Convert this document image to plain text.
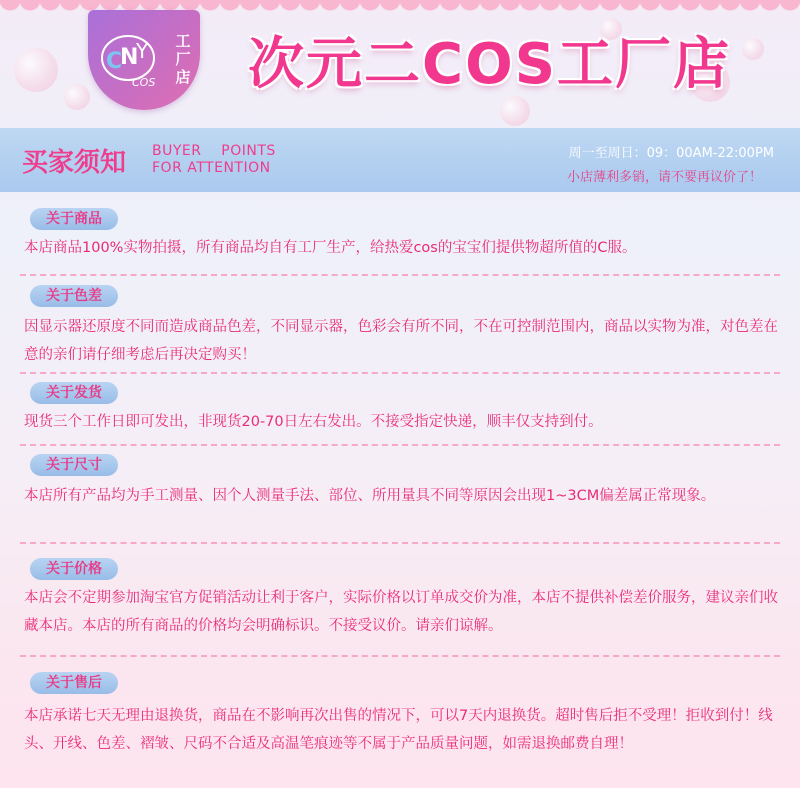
C
N
Y
COS
工厂店 次元二COS工厂店
买家须知 BUYER    POINTS
FOR ATTENTION
周一至周日：09：00AM-22:00PM
小店薄利多销，请不要再议价了！
关于商品
本店商品100%实物拍摄，所有商品均自有工厂生产，给热爱cos的宝宝们提供物超所值的C服。
关于色差
因显示器还原度不同而造成商品色差，不同显示器，色彩会有所不同，不在可控制范围内，商品以实物为准，对色差在意的亲们请仔细考虑后再决定购买！
关于发货
现货三个工作日即可发出，非现货20-70日左右发出。不接受指定快递，顺丰仅支持到付。
关于尺寸
本店所有产品均为手工测量、因个人测量手法、部位、所用量具不同等原因会出现1~3CM偏差属正常现象。
关于价格
本店会不定期参加淘宝官方促销活动让利于客户，实际价格以订单成交价为准，本店不提供补偿差价服务，建议亲们收藏本店。本店的所有商品的价格均会明确标识。不接受议价。请亲们谅解。
关于售后
本店承诺七天无理由退换货，商品在不影响再次出售的情况下，可以7天内退换货。超时售后拒不受理！拒收到付！线头、开线、色差、褶皱、尺码不合适及高温笔痕迹等不属于产品质量问题，如需退换邮费自理！
